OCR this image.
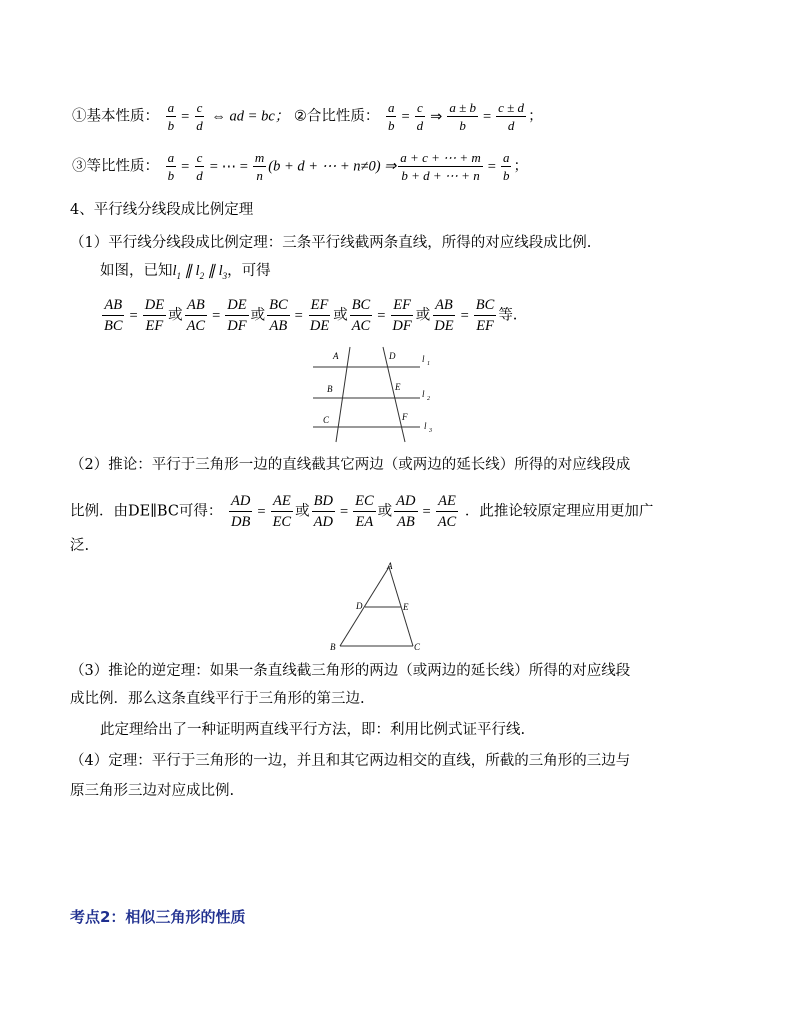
①基本性质： $\frac{a}{b} = \frac{c}{d}$ ⇔ ad = bc； ②合比性质： $\frac{a}{b} = \frac{c}{d}$ ⇒ $\frac{a \pm b}{b} = \frac{c \pm d}{d}$ ；
③等比性质： $\frac{a}{b} = \frac{c}{d}$ = ⋯ = $\frac{m}{n} (b + d$ + ⋯ + n≠0) ⇒ $\frac{a + c + \cdots + m}{b + d + \cdots + n} = \frac{a}{b}$ ；
4、平行线分线段成比例定理
（1）平行线分线段成比例定理：三条平行线截两条直线，所得的对应线段成比例.
如图，已知$l_1$ ∥ $l_2$ ∥ $l_3$，可得
$\frac{AB}{BC} = \frac{DE}{EF}$ 或 $\frac{AB}{AC} = \frac{DE}{DF}$ 或 $\frac{BC}{AB} = \frac{EF}{DE}$ 或 $\frac{BC}{AC} = \frac{EF}{DF}$ 或 $\frac{AB}{DE} = \frac{BC}{EF}$ 等.
A
B
C
D
E
F
l 1
l 2
l 3
（2）推论：平行于三角形一边的直线截其它两边（或两边的延长线）所得的对应线段成
比例．由DE∥BC可得： $\frac{AD}{DB} = \frac{AE}{EC}$ 或 $\frac{BD}{AD} = \frac{EC}{EA}$ 或 $\frac{AD}{AB} = \frac{AE}{AC}$ ．此推论较原定理应用更加广
泛.
A
B	C
D	E
（3）推论的逆定理：如果一条直线截三角形的两边（或两边的延长线）所得的对应线段
成比例．那么这条直线平行于三角形的第三边.
此定理给出了一种证明两直线平行方法，即：利用比例式证平行线.
（4）定理：平行于三角形的一边，并且和其它两边相交的直线，所截的三角形的三边与
原三角形三边对应成比例.
考点2：相似三角形的性质
